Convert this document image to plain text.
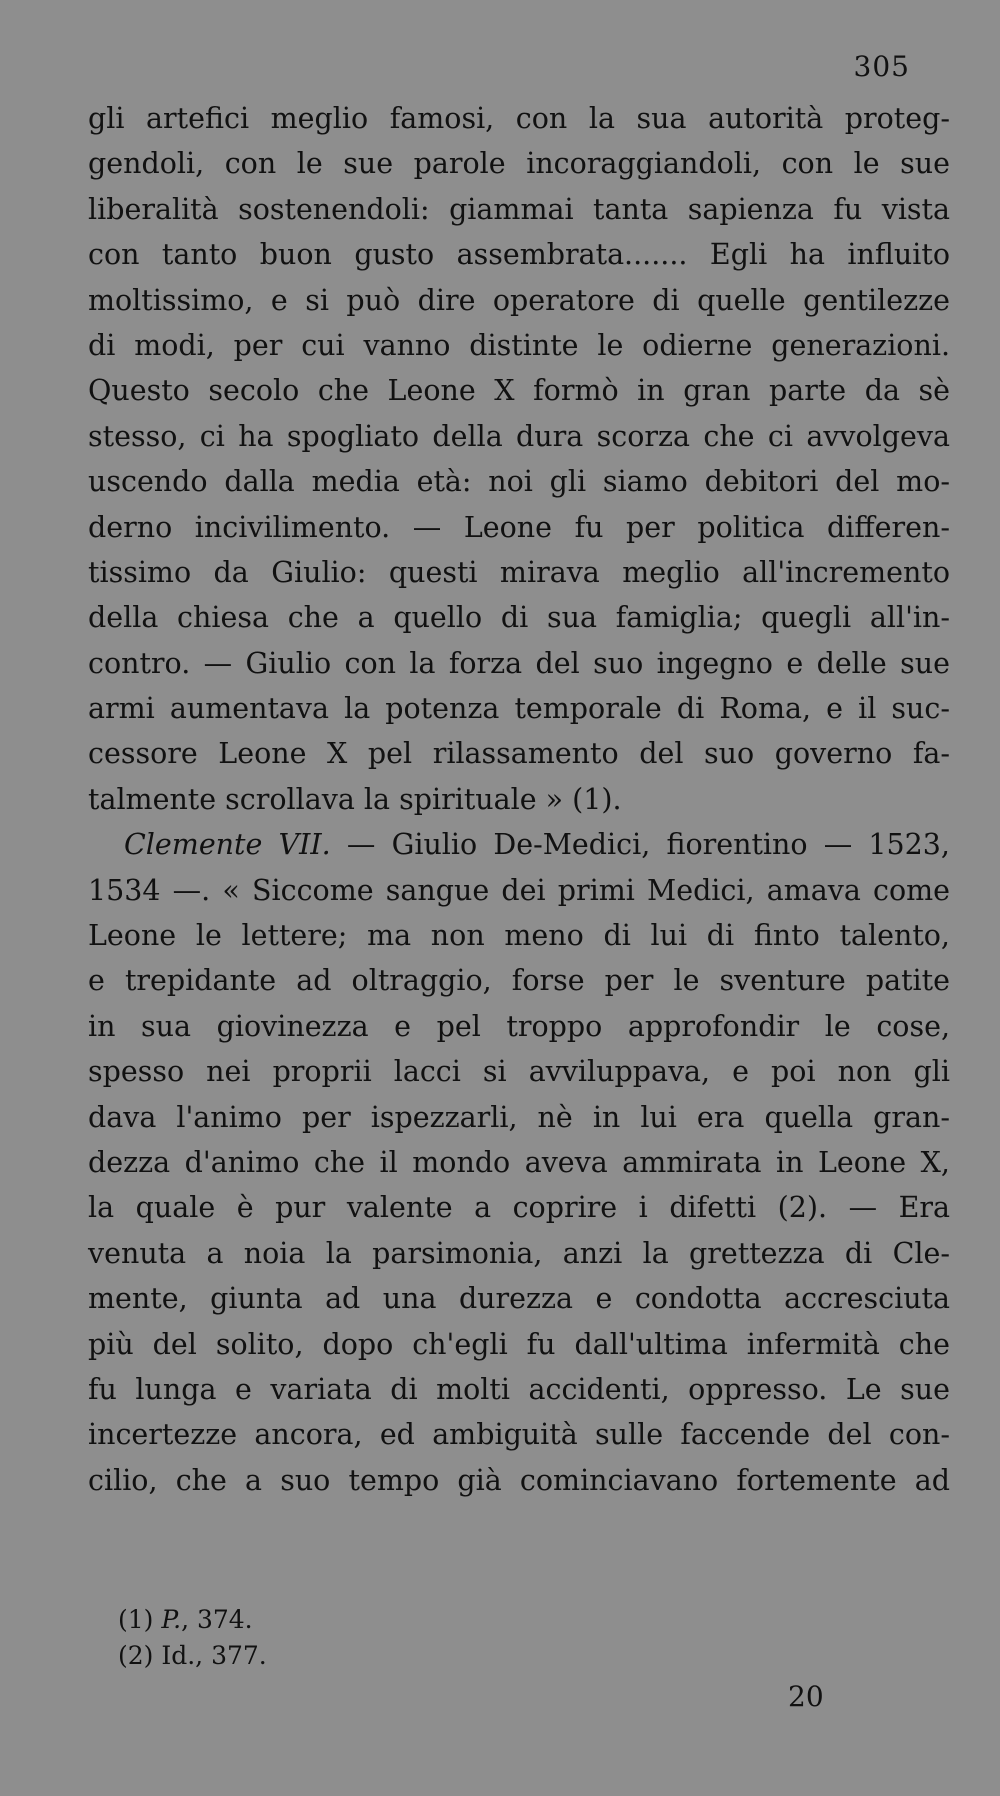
305
gli artefici meglio famosi, con la sua autorità proteg-
gendoli, con le sue parole incoraggiandoli, con le sue
liberalità sostenendoli: giammai tanta sapienza fu vista
con tanto buon gusto assembrata....... Egli ha influito
moltissimo, e si può dire operatore di quelle gentilezze
di modi, per cui vanno distinte le odierne generazioni.
Questo secolo che Leone X formò in gran parte da sè
stesso, ci ha spogliato della dura scorza che ci avvolgeva
uscendo dalla media età: noi gli siamo debitori del mo-
derno incivilimento. — Leone fu per politica differen-
tissimo da Giulio: questi mirava meglio all'incremento
della chiesa che a quello di sua famiglia; quegli all'in-
contro. — Giulio con la forza del suo ingegno e delle sue
armi aumentava la potenza temporale di Roma, e il suc-
cessore Leone X pel rilassamento del suo governo fa-
talmente scrollava la spirituale » (1).
Clemente VII. — Giulio De-Medici, fiorentino — 1523,
1534 —. « Siccome sangue dei primi Medici, amava come
Leone le lettere; ma non meno di lui di finto talento,
e trepidante ad oltraggio, forse per le sventure patite
in sua giovinezza e pel troppo approfondir le cose,
spesso nei proprii lacci si avviluppava, e poi non gli
dava l'animo per ispezzarli, nè in lui era quella gran-
dezza d'animo che il mondo aveva ammirata in Leone X,
la quale è pur valente a coprire i difetti (2). — Era
venuta a noia la parsimonia, anzi la grettezza di Cle-
mente, giunta ad una durezza e condotta accresciuta
più del solito, dopo ch'egli fu dall'ultima infermità che
fu lunga e variata di molti accidenti, oppresso. Le sue
incertezze ancora, ed ambiguità sulle faccende del con-
cilio, che a suo tempo già cominciavano fortemente ad
(1) P., 374.
(2) Id., 377.
20
